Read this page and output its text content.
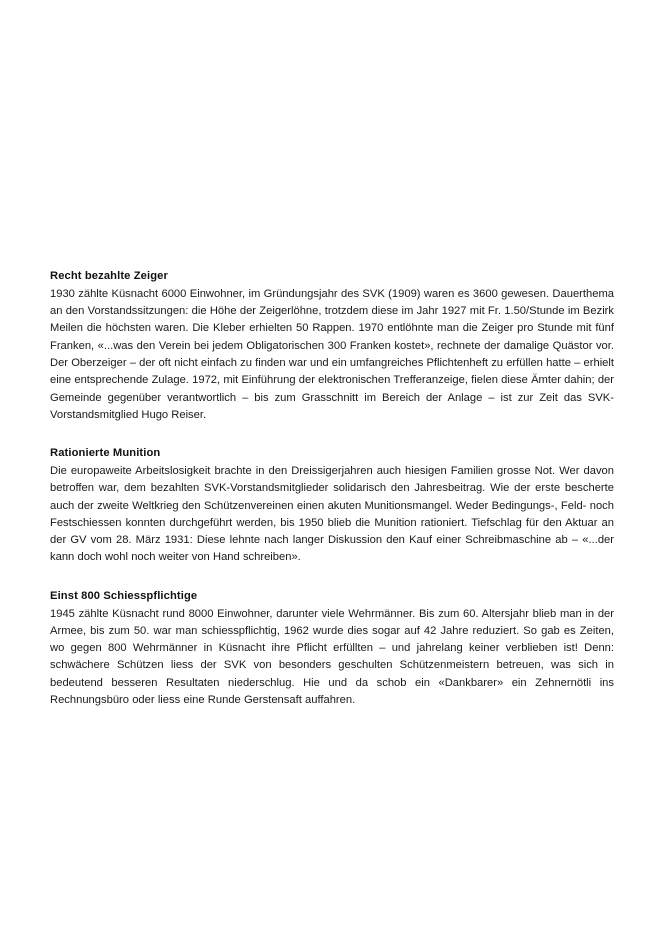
Recht bezahlte Zeiger

1930 zählte Küsnacht 6000 Einwohner, im Gründungsjahr des SVK (1909) waren es 3600 gewesen. Dauerthema an den Vorstandssitzungen: die Höhe der Zeigerlöhne, trotzdem diese im Jahr 1927 mit Fr. 1.50/Stunde im Bezirk Meilen die höchsten waren. Die Kleber erhielten 50 Rappen. 1970 entlöhnte man die Zeiger pro Stunde mit fünf Franken, «...was den Verein bei jedem Obligatorischen 300 Franken kostet», rechnete der damalige Quästor vor. Der Oberzeiger – der oft nicht einfach zu finden war und ein umfangreiches Pflichtenheft zu erfüllen hatte – erhielt eine entsprechende Zulage. 1972, mit Einführung der elektronischen Trefferanzeige, fielen diese Ämter dahin; der Gemeinde gegenüber verantwortlich – bis zum Grasschnitt im Bereich der Anlage – ist zur Zeit das SVK-Vorstandsmitglied Hugo Reiser.

Rationierte Munition

Die europaweite Arbeitslosigkeit brachte in den Dreissigerjahren auch hiesigen Familien grosse Not. Wer davon betroffen war, dem bezahlten SVK-Vorstandsmitglieder solidarisch den Jahresbeitrag. Wie der erste bescherte auch der zweite Weltkrieg den Schützenvereinen einen akuten Munitionsmangel. Weder Bedingungs-, Feld- noch Festschiessen konnten durchgeführt werden, bis 1950 blieb die Munition rationiert. Tiefschlag für den Aktuar an der GV vom 28. März 1931: Diese lehnte nach langer Diskussion den Kauf einer Schreibmaschine ab – «...der kann doch wohl noch weiter von Hand schreiben».

Einst 800 Schiesspflichtige

1945 zählte Küsnacht rund 8000 Einwohner, darunter viele Wehrmänner. Bis zum 60. Altersjahr blieb man in der Armee, bis zum 50. war man schiesspflichtig, 1962 wurde dies sogar auf 42 Jahre reduziert. So gab es Zeiten, wo gegen 800 Wehrmänner in Küsnacht ihre Pflicht erfüllten – und jahrelang keiner verblieben ist! Denn: schwächere Schützen liess der SVK von besonders geschulten Schützenmeistern betreuen, was sich in bedeutend besseren Resultaten niederschlug. Hie und da schob ein «Dankbarer» ein Zehnernötli ins Rechnungsbüro oder liess eine Runde Gerstensaft auffahren.
